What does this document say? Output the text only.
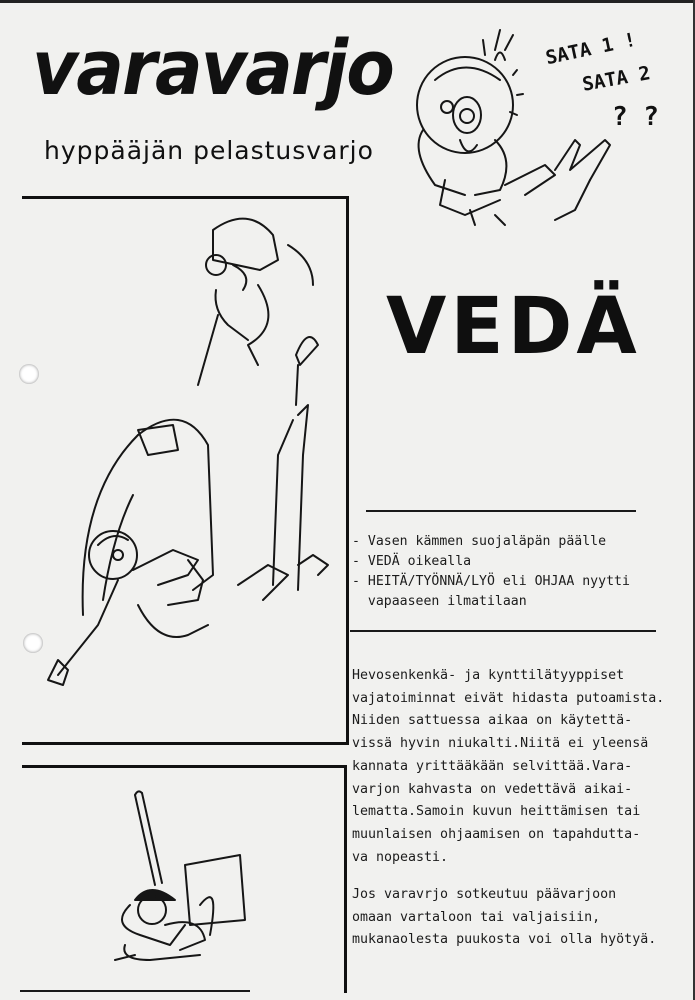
varavarjo
hyppääjän pelastusvarjo
SATA 1 !
SATA 2
? ?
VEDÄ
- Vasen kämmen suojaläpän päälle
- VEDÄ oikealla
- HEITÄ/TYÖNNÄ/LYÖ eli OHJAA nyytti
vapaaseen ilmatilaan
Hevosenkenkä- ja kynttilätyyppiset
vajatoiminnat eivät hidasta putoamista.
Niiden sattuessa aikaa on käytettä-
vissä hyvin niukalti.Niitä ei yleensä
kannata yrittääkään selvittää.Vara-
varjon kahvasta on vedettävä aikai-
lematta.Samoin kuvun heittämisen tai
muunlaisen ohjaamisen on tapahdutta-
va nopeasti.
Jos varavrjo sotkeutuu päävarjoon
omaan vartaloon tai valjaisiin,
mukanaolesta puukosta voi olla hyötyä.
